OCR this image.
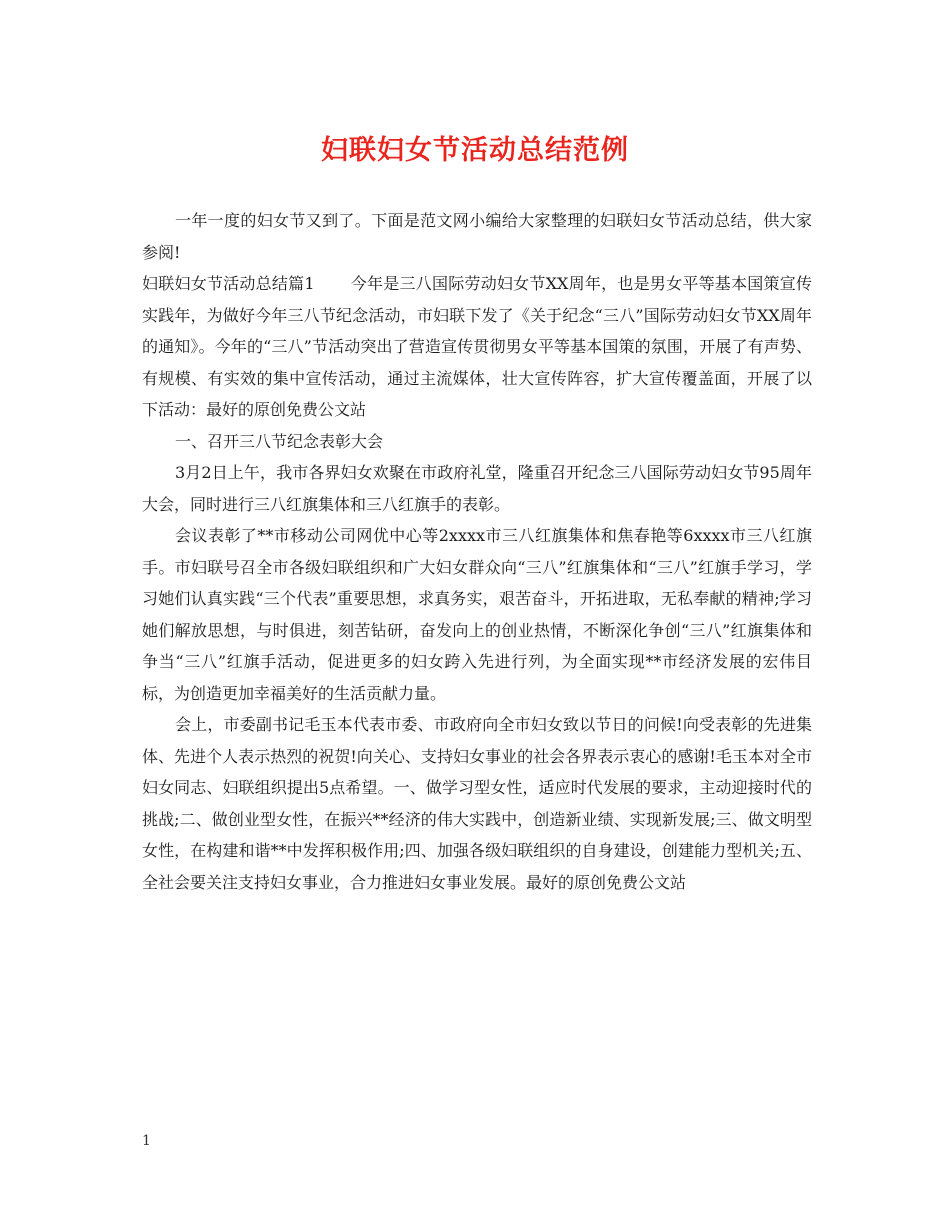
妇联妇女节活动总结范例

一年一度的妇女节又到了。下面是范文网小编给大家整理的妇联妇女节活动总结，供大家参阅!

妇联妇女节活动总结篇1 今年是三八国际劳动妇女节XX周年，也是男女平等基本国策宣传实践年，为做好今年三八节纪念活动，市妇联下发了《关于纪念“三八”国际劳动妇女节XX周年的通知》。今年的“三八”节活动突出了营造宣传贯彻男女平等基本国策的氛围，开展了有声势、有规模、有实效的集中宣传活动，通过主流媒体，壮大宣传阵容，扩大宣传覆盖面，开展了以下活动：最好的原创免费公文站

一、召开三八节纪念表彰大会

3月2日上午，我市各界妇女欢聚在市政府礼堂，隆重召开纪念三八国际劳动妇女节95周年大会，同时进行三八红旗集体和三八红旗手的表彰。

会议表彰了**市移动公司网优中心等2xxxx市三八红旗集体和焦春艳等6xxxx市三八红旗手。市妇联号召全市各级妇联组织和广大妇女群众向“三八”红旗集体和“三八”红旗手学习，学习她们认真实践“三个代表”重要思想，求真务实，艰苦奋斗，开拓进取，无私奉献的精神;学习她们解放思想，与时俱进，刻苦钻研，奋发向上的创业热情，不断深化争创“三八”红旗集体和争当“三八”红旗手活动，促进更多的妇女跨入先进行列，为全面实现**市经济发展的宏伟目标，为创造更加幸福美好的生活贡献力量。

会上，市委副书记毛玉本代表市委、市政府向全市妇女致以节日的问候!向受表彰的先进集体、先进个人表示热烈的祝贺!向关心、支持妇女事业的社会各界表示衷心的感谢!毛玉本对全市妇女同志、妇联组织提出5点希望。一、做学习型女性，适应时代发展的要求，主动迎接时代的挑战;二、做创业型女性，在振兴**经济的伟大实践中，创造新业绩、实现新发展;三、做文明型女性，在构建和谐**中发挥积极作用;四、加强各级妇联组织的自身建设，创建能力型机关;五、全社会要关注支持妇女事业，合力推进妇女事业发展。最好的原创免费公文站

1
